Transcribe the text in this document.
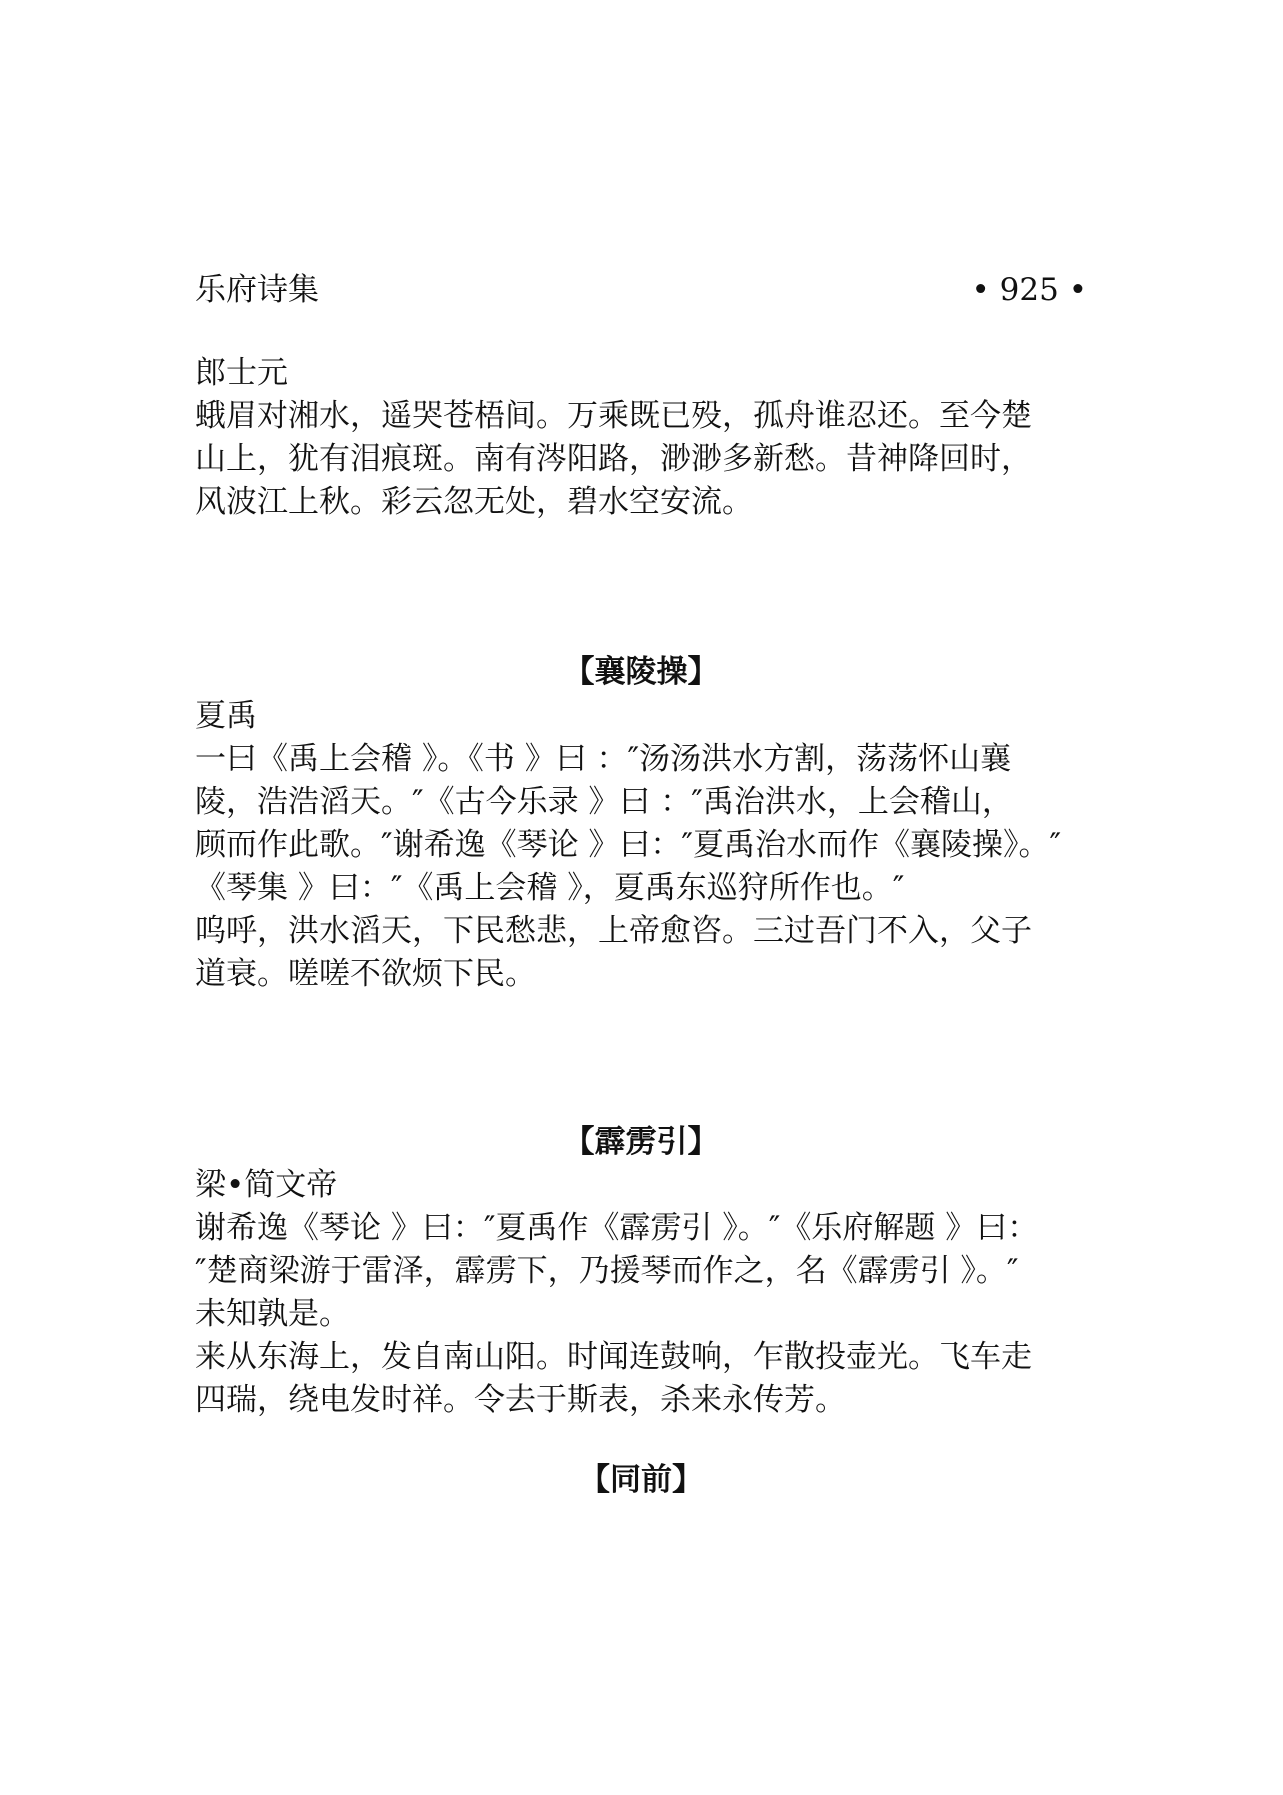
乐府诗集	• 925 •
郎士元
蛾眉对湘水，遥哭苍梧间。万乘既已殁，孤舟谁忍还。至今楚
山上，犹有泪痕斑。南有涔阳路，渺渺多新愁。昔神降回时，
风波江上秋。彩云忽无处，碧水空安流。
【襄陵操】
夏禹
一曰《禹上会稽 》。《书 》曰 ：″汤汤洪水方割，荡荡怀山襄
陵，浩浩滔天。″《古今乐录 》曰 ：″禹治洪水，上会稽山，
顾而作此歌。″谢希逸《琴论 》曰：″夏禹治水而作《襄陵操》。″
《琴集 》曰：″《禹上会稽 》，夏禹东巡狩所作也。″
呜呼，洪水滔天，下民愁悲，上帝愈咨。三过吾门不入，父子
道衰。嗟嗟不欲烦下民。
【霹雳引】
梁•简文帝
谢希逸《琴论 》曰：″夏禹作《霹雳引 》。″《乐府解题 》曰：
″楚商梁游于雷泽，霹雳下，乃援琴而作之，名《霹雳引 》。″
未知孰是。
来从东海上，发自南山阳。时闻连鼓响，乍散投壶光。飞车走
四瑞，绕电发时祥。令去于斯表，杀来永传芳。
【同前】
